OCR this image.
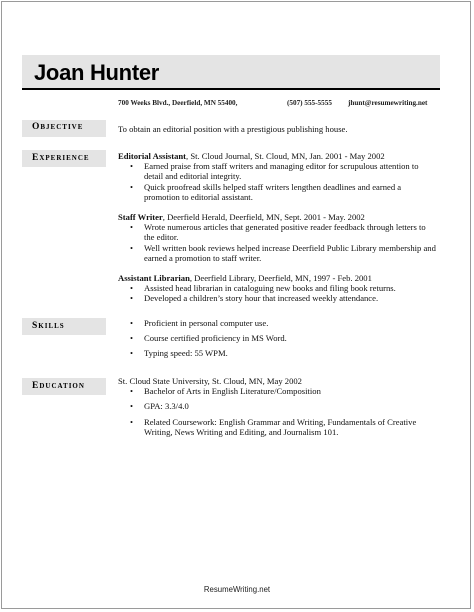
Joan Hunter
700 Weeks Blvd., Deerfield, MN 55400,	(507) 555-5555 jhunt@resumewriting.net
Objective	To obtain an editorial position with a prestigious publishing house.
Experience	Editorial Assistant, St. Cloud Journal, St. Cloud, MN, Jan. 2001 - May 2002
• Earned praise from staff writers and managing editor for scrupulous attention to detail and editorial integrity.
• Quick proofread skills helped staff writers lengthen deadlines and earned a promotion to editorial assistant.
Staff Writer, Deerfield Herald, Deerfield, MN, Sept. 2001 - May. 2002
• Wrote numerous articles that generated positive reader feedback through letters to the editor.
• Well written book reviews helped increase Deerfield Public Library membership and earned a promotion to staff writer.
Assistant Librarian, Deerfield Library, Deerfield, MN, 1997 - Feb. 2001
• Assisted head librarian in cataloguing new books and filing book returns.
• Developed a children’s story hour that increased weekly attendance.
Skills
•	Proficient in personal computer use.
• Course certified proficiency in MS Word.
• Typing speed: 55 WPM.
Education	St. Cloud State University, St. Cloud, MN, May 2002
• Bachelor of Arts in English Literature/Composition
• GPA: 3.3/4.0
• Related Coursework: English Grammar and Writing, Fundamentals of Creative Writing, News Writing and Editing, and Journalism 101.
ResumeWriting.net
